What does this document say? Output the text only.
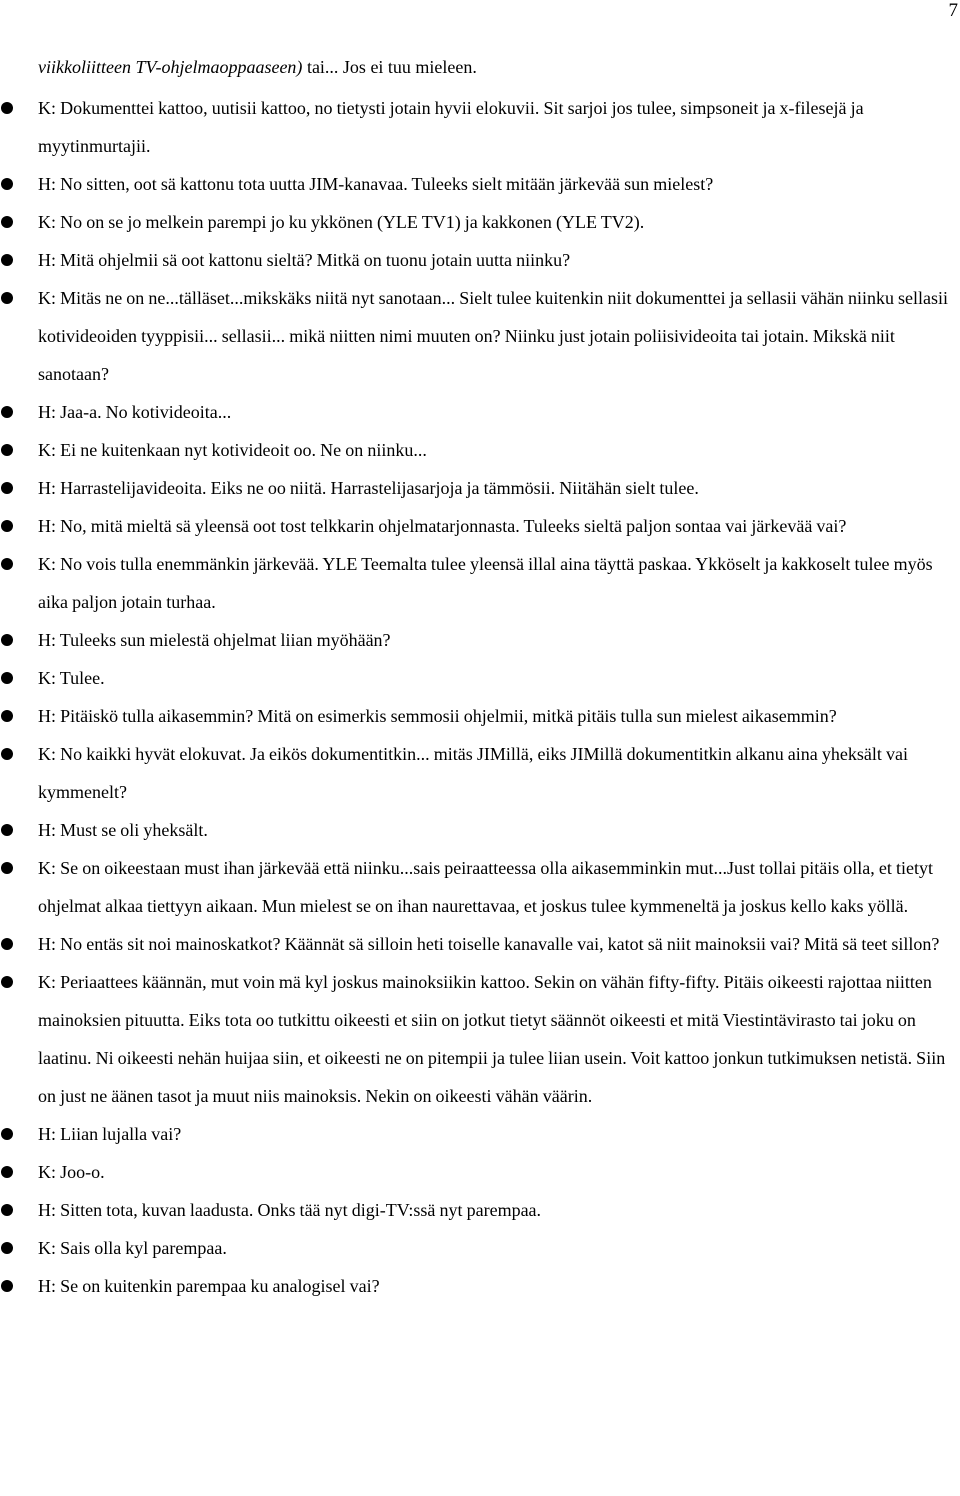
7
viikkoliitteen TV-ohjelmaoppaaseen) tai... Jos ei tuu mieleen.
K: Dokumenttei kattoo, uutisii kattoo, no tietysti jotain hyvii elokuvii. Sit sarjoi jos tulee, simpsoneit ja x-filesejä ja myytinmurtajii.
H: No sitten, oot sä kattonu tota uutta JIM-kanavaa. Tuleeks sielt mitään järkevää sun mielest?
K: No on se jo melkein parempi jo ku ykkönen (YLE TV1) ja kakkonen (YLE TV2).
H: Mitä ohjelmii sä oot kattonu sieltä? Mitkä on tuonu jotain uutta niinku?
K: Mitäs ne on ne...tälläset...mikskäks niitä nyt sanotaan... Sielt tulee kuitenkin niit dokumenttei ja sellasii vähän niinku sellasii kotivideoiden tyyppisii... sellasii... mikä niitten nimi muuten on? Niinku just jotain poliisivideoita tai jotain. Mikskä niit sanotaan?
H: Jaa-a. No kotivideoita...
K: Ei ne kuitenkaan nyt kotivideoit oo. Ne on niinku...
H: Harrastelijavideoita. Eiks ne oo niitä. Harrastelijasarjoja ja tämmösii. Niitähän sielt tulee.
H: No, mitä mieltä sä yleensä oot tost telkkarin ohjelmatarjonnasta. Tuleeks sieltä paljon sontaa vai järkevää vai?
K: No vois tulla enemmänkin järkevää. YLE Teemalta tulee yleensä illal aina täyttä paskaa. Ykköselt ja kakkoselt tulee myös aika paljon jotain turhaa.
H: Tuleeks sun mielestä ohjelmat liian myöhään?
K: Tulee.
H: Pitäiskö tulla aikasemmin? Mitä on esimerkis semmosii ohjelmii, mitkä pitäis tulla sun mielest aikasemmin?
K: No kaikki hyvät elokuvat. Ja eikös dokumentitkin... mitäs JIMillä, eiks JIMillä dokumentitkin alkanu aina yheksält vai kymmenelt?
H: Must se oli yheksält.
K: Se on oikeestaan must ihan järkevää että niinku...sais peiraatteessa olla aikasemminkin mut...Just tollai pitäis olla, et tietyt ohjelmat alkaa tiettyyn aikaan. Mun mielest se on ihan naurettavaa, et joskus tulee kymmeneltä ja joskus kello kaks yöllä.
H: No entäs sit noi mainoskatkot? Käännät sä silloin heti toiselle kanavalle vai, katot sä niit mainoksii vai? Mitä sä teet sillon?
K: Periaattees käännän, mut voin mä kyl joskus mainoksiikin kattoo. Sekin on vähän fifty-fifty. Pitäis oikeesti rajottaa niitten mainoksien pituutta. Eiks tota oo tutkittu oikeesti et siin on jotkut tietyt säännöt oikeesti et mitä Viestintävirasto tai joku on laatinu. Ni oikeesti nehän huijaa siin, et oikeesti ne on pitempii ja tulee liian usein. Voit kattoo jonkun tutkimuksen netistä. Siin on just ne äänen tasot ja muut niis mainoksis. Nekin on oikeesti vähän väärin.
H: Liian lujalla vai?
K: Joo-o.
H: Sitten tota, kuvan laadusta. Onks tää nyt digi-TV:ssä nyt parempaa.
K: Sais olla kyl parempaa.
H: Se on kuitenkin parempaa ku analogisel vai?
